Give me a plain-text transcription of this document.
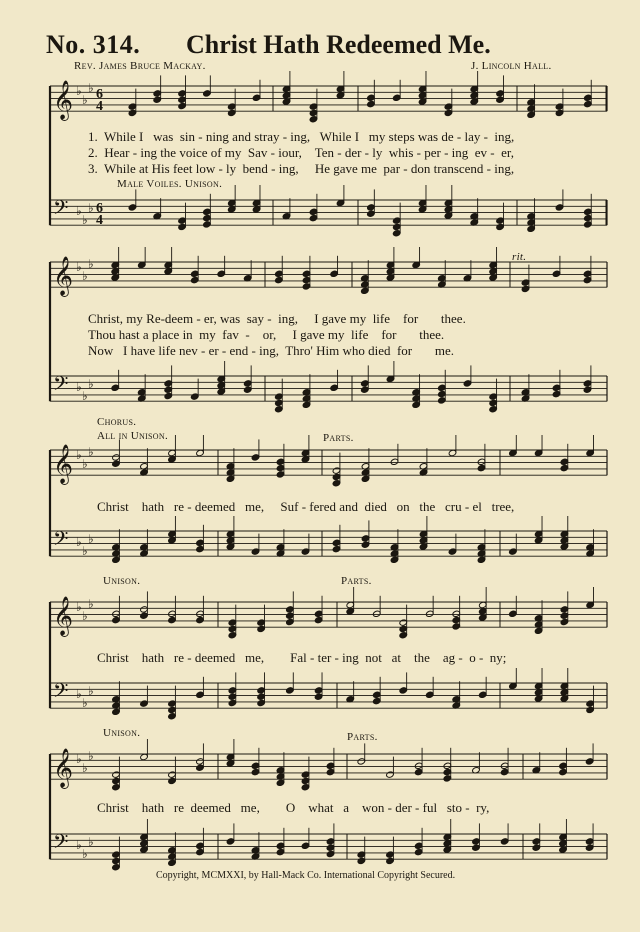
No. 314. Christ Hath Redeemed Me.
Rev. James Bruce Mackay.	J. Lincoln Hall.
𝄞 ♭
♭
♭
𝄢 ♭
♭
♭
6
4
6
4
𝄞 ♭
♭
♭
𝄢 ♭
♭
♭
𝄞 ♭
♭
♭
𝄢 ♭
♭
♭
𝄞 ♭
♭
♭
𝄢 ♭
♭
♭
𝄞 ♭
♭
♭
𝄢 ♭
♭
♭
1.  While I   was  sin - ning and stray - ing,   While I   my steps was de - lay -  ing,
2.  Hear - ing the voice of my  Sav - iour,    Ten - der - ly  whis - per - ing  ev -  er,
3.  While at His feet low - ly  bend - ing,     He gave me  par - don transcend - ing,
Male Voiles. Unison.
rit.
Christ, my Re-deem - er, was  say -  ing,     I gave my  life    for       thee.
Thou hast a place in  my  fav  -    or,     I gave my  life    for       thee.
Now   I have life nev - er - end - ing,  Thro' Him who died  for       me.
Chorus.
All in Unison.	Parts.
Christ    hath   re - deemed   me,     Suf - fered and  died   on   the   cru - el   tree,
Unison.	Parts.
Christ    hath   re - deemed   me,        Fal - ter - ing  not   at    the    ag -  o -  ny;
Unison.	Parts.
Christ    hath   re  deemed   me,        O    what   a    won - der - ful   sto -  ry,
Copyright, MCMXXI, by Hall-Mack Co. International Copyright Secured.
